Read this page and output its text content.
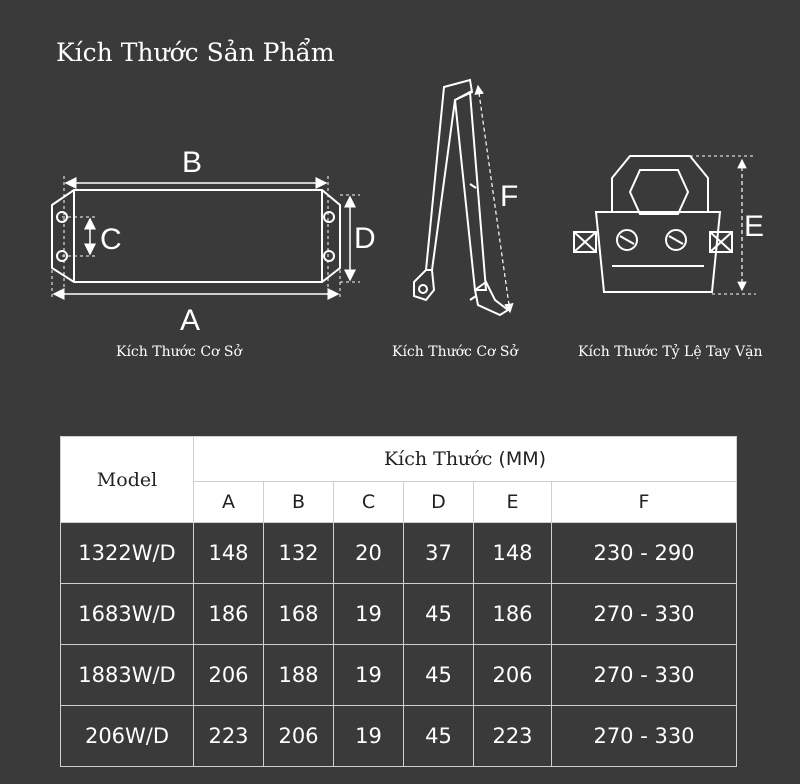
Kích Thước Sản Phẩm
B
A
C	D
F
E
Kích Thước Cơ Sở	Kích Thước Cơ Sở	Kích Thước Tỷ Lệ Tay Vặn
Model	Kích Thước (MM)					
	A	B	C	D	E	F
1322W/D	148	132	20	37	148	230 - 290
1683W/D	186	168	19	45	186	270 - 330
1883W/D	206	188	19	45	206	270 - 330
206W/D	223	206	19	45	223	270 - 330
